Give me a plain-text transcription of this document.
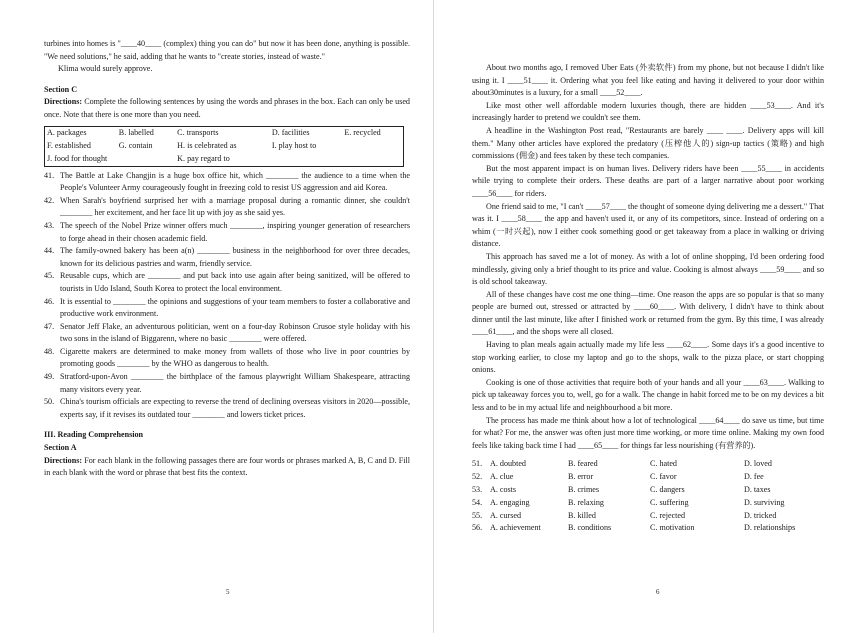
turbines into homes is "____40____ (complex) thing you can do" but now it has been done, anything is possible. "We need solutions," he said, adding that he wants to "create stories, instead of waste."

Klima would surely approve.

Section C

Directions: Complete the following sentences by using the words and phrases in the box. Each can only be used once. Note that there is one more than you need.

A. packages	B. labelled	C. transports	D. facilities	E. recycled
F. established	G. contain	H. is celebrated as	I. play host to	
J. food for thought		K. pay regard to		
41. The Battle at Lake Changjin is a huge box office hit, which ________ the audience to a time when the People's Volunteer Army courageously fought in freezing cold to resist US aggression and aid Korea.
42. When Sarah's boyfriend surprised her with a marriage proposal during a romantic dinner, she couldn't ________ her excitement, and her face lit up with joy as she said yes.
43. The speech of the Nobel Prize winner offers much ________, inspiring younger generation of researchers to forge ahead in their chosen academic field.
44. The family-owned bakery has been a(n) ________ business in the neighborhood for over three decades, known for its delicious pastries and warm, friendly service.
45. Reusable cups, which are ________ and put back into use again after being sanitized, will be offered to tourists in Udo Island, South Korea to protect the local environment.
46. It is essential to ________ the opinions and suggestions of your team members to foster a collaborative and productive work environment.
47. Senator Jeff Flake, an adventurous politician, went on a four-day Robinson Crusoe style holiday with his two sons in the island of Biggarenn, where no basic ________ were offered.
48. Cigarette makers are determined to make money from wallets of those who live in poor countries by promoting goods ________ by the WHO as dangerous to health.
49. Stratford-upon-Avon ________ the birthplace of the famous playwright William Shakespeare, attracting many visitors every year.
50. China's tourism officials are expecting to reverse the trend of declining overseas visitors in 2020—possible, experts say, if it revises its outdated tour ________ and lowers ticket prices.

III. Reading Comprehension

Section A

Directions: For each blank in the following passages there are four words or phrases marked A, B, C and D. Fill in each blank with the word or phrase that best fits the context.

5

About two months ago, I removed Uber Eats (外卖软件) from my phone, but not because I didn't like using it. I ____51____ it. Ordering what you feel like eating and having it delivered to your door within about30minutes is a luxury, for a small ____52____.

Like most other well affordable modern luxuries though, there are hidden ____53____. And it's increasingly harder to pretend we couldn't see them.

A headline in the Washington Post read, "Restaurants are barely ____ ____. Delivery apps will kill them." Many other articles have explored the predatory (压榨他人的) sign-up tactics (策略) and high commissions (佣金) and fees taken by these tech companies.

But the most apparent impact is on human lives. Delivery riders have been ____55____ in accidents while trying to complete their orders. These deaths are part of a larger narrative about poor working ____56____ for riders.

One friend said to me, "I can't ____57____ the thought of someone dying delivering me a dessert." That was it. I ____58____ the app and haven't used it, or any of its competitors, since. Instead of ordering on a whim (一时兴起), now I either cook something good or get takeaway from a place in walking or driving distance.

This approach has saved me a lot of money. As with a lot of online shopping, I'd been ordering food mindlessly, giving only a brief thought to its price and value. Cooking is almost always ____59____ and so is old school takeaway.

All of these changes have cost me one thing—time. One reason the apps are so popular is that so many people are burned out, stressed or attracted by ____60____. With delivery, I didn't have to think about dinner until the last minute, like after I finished work or returned from the gym. By this time, I was already ____61____, and the shops were all closed.

Having to plan meals again actually made my life less ____62____. Some days it's a good incentive to stop working earlier, to close my laptop and go to the shops, walk to the pizza place, or start chopping onions.

Cooking is one of those activities that require both of your hands and all your ____63____. Walking to pick up takeaway forces you to, well, go for a walk. The change in habit forced me to be on my devices a bit less and to be in my actual life and neighbourhood a bit more.

The process has made me think about how a lot of technological ____64____ do save us time, but time for what? For me, the answer was often just more time working, or more time online. Making my own food feels like taking back time I had ____65____ for things far less nourishing (有营养的).

51. A. doubted	B. feared	C. hated	D. loved
52. A. clue	B. error	C. favor	D. fee
53. A. costs	B. crimes	C. dangers	D. taxes
54. A. engaging	B. relaxing	C. suffering	D. surviving
55. A. cursed	B. killed	C. rejected	D. tricked
56. A. achievement	B. conditions	C. motivation	D. relationships
6
